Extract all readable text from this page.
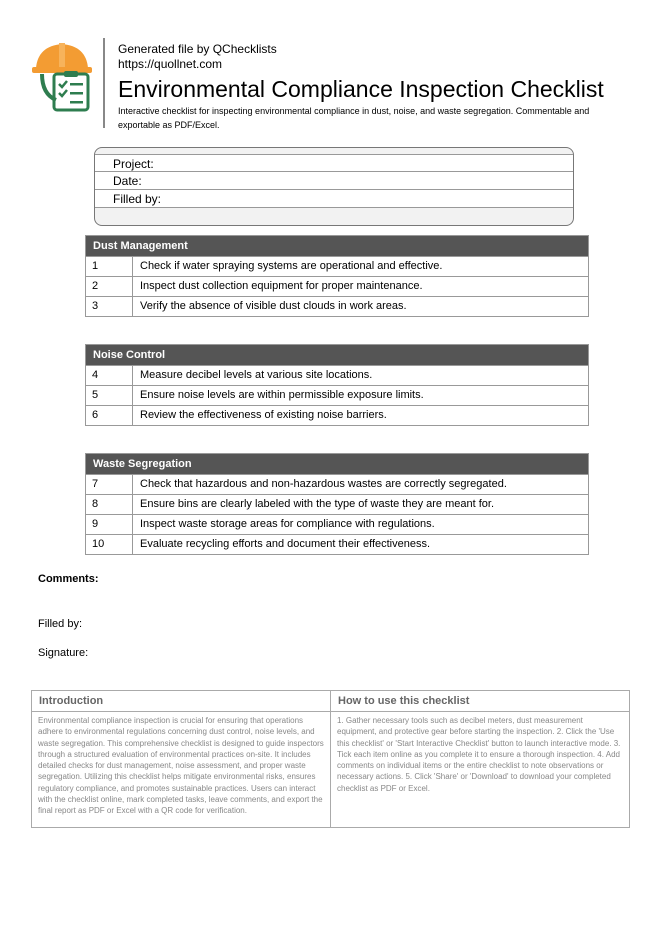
Generated file by QChecklists
https://quollnet.com
Environmental Compliance Inspection Checklist
Interactive checklist for inspecting environmental compliance in dust, noise, and waste segregation. Commentable and exportable as PDF/Excel.
Project:
Date:
Filled by:
Dust Management
1	Check if water spraying systems are operational and effective.
2	Inspect dust collection equipment for proper maintenance.
3	Verify the absence of visible dust clouds in work areas.
Noise Control
4	Measure decibel levels at various site locations.
5	Ensure noise levels are within permissible exposure limits.
6	Review the effectiveness of existing noise barriers.
Waste Segregation
7	Check that hazardous and non-hazardous wastes are correctly segregated.
8	Ensure bins are clearly labeled with the type of waste they are meant for.
9	Inspect waste storage areas for compliance with regulations.
10	Evaluate recycling efforts and document their effectiveness.
Comments:
Filled by:
Signature:
Introduction
Environmental compliance inspection is crucial for ensuring that operations adhere to environmental regulations concerning dust control, noise levels, and waste segregation. This comprehensive checklist is designed to guide inspectors through a structured evaluation of environmental practices on-site. It includes detailed checks for dust management, noise assessment, and proper waste segregation. Utilizing this checklist helps mitigate environmental risks, ensures regulatory compliance, and promotes sustainable practices. Users can interact with the checklist online, mark completed tasks, leave comments, and export the final report as PDF or Excel with a QR code for verification.
How to use this checklist
1. Gather necessary tools such as decibel meters, dust measurement equipment, and protective gear before starting the inspection. 2. Click the 'Use this checklist' or 'Start Interactive Checklist' button to launch interactive mode. 3. Tick each item online as you complete it to ensure a thorough inspection. 4. Add comments on individual items or the entire checklist to note observations or necessary actions. 5. Click 'Share' or 'Download' to download your completed checklist as PDF or Excel.
